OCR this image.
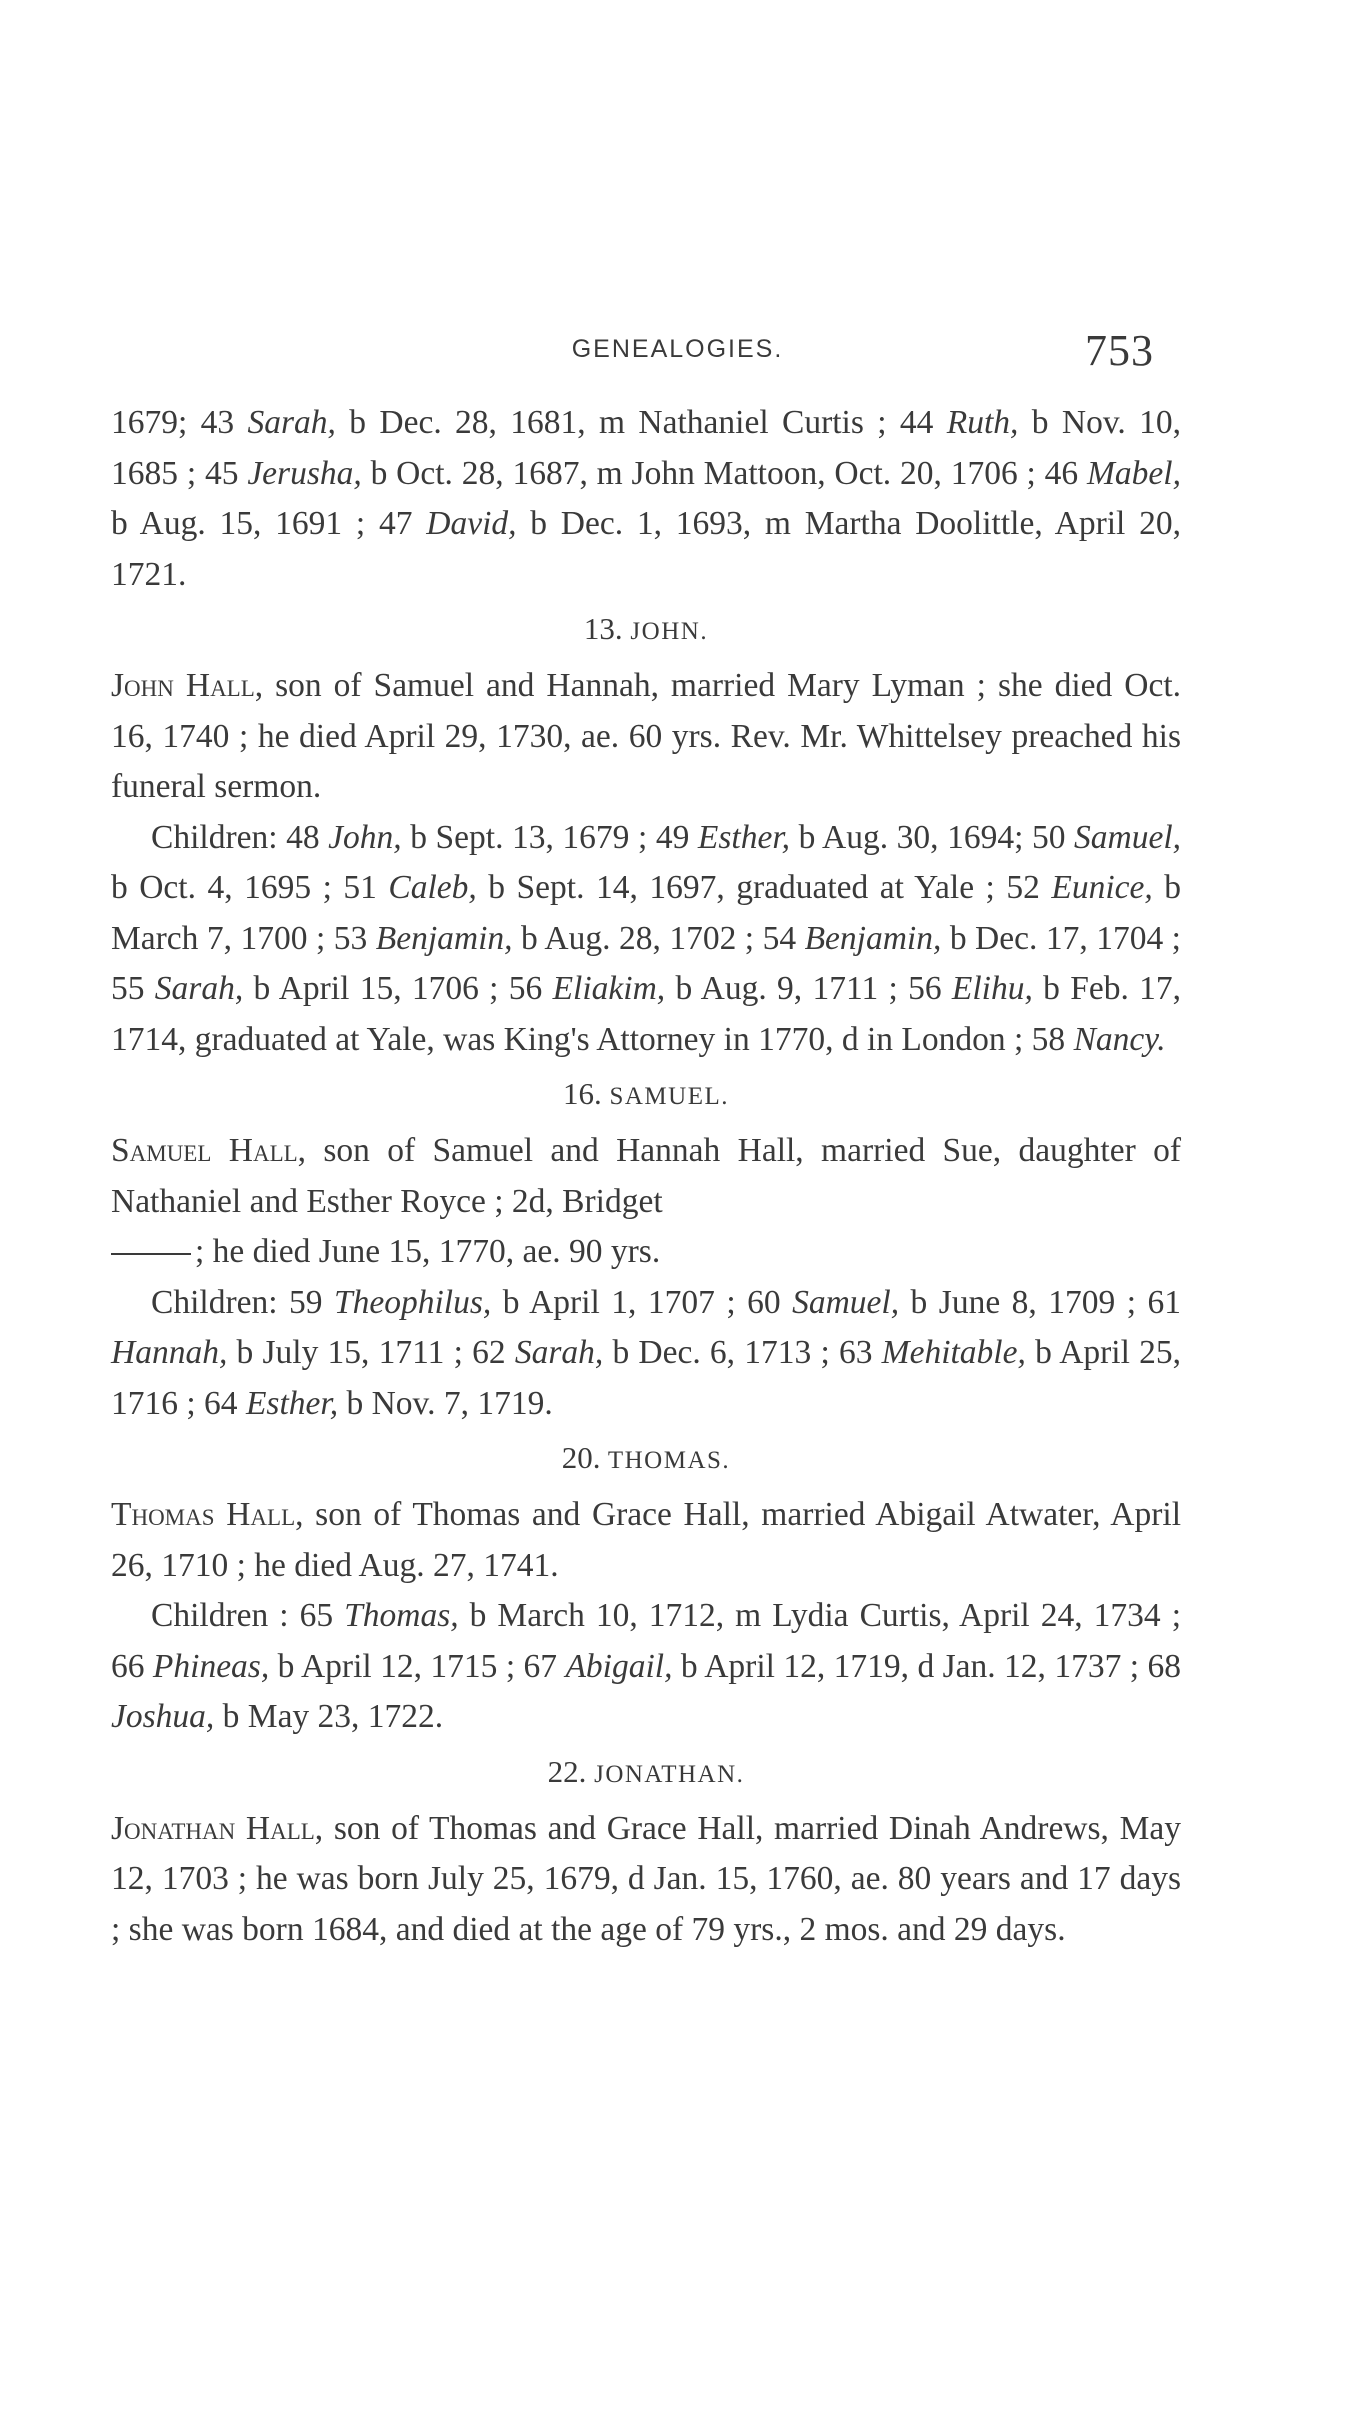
GENEALOGIES.	753

1679; 43 Sarah, b Dec. 28, 1681, m Nathaniel Curtis ; 44 Ruth, b Nov. 10, 1685 ; 45 Jerusha, b Oct. 28, 1687, m John Mattoon, Oct. 20, 1706 ; 46 Mabel, b Aug. 15, 1691 ; 47 David, b Dec. 1, 1693, m Martha Doolittle, April 20, 1721.

13. JOHN.

John Hall, son of Samuel and Hannah, married Mary Lyman ; she died Oct. 16, 1740 ; he died April 29, 1730, ae. 60 yrs. Rev. Mr. Whittelsey preached his funeral sermon.

Children: 48 John, b Sept. 13, 1679 ; 49 Esther, b Aug. 30, 1694; 50 Samuel, b Oct. 4, 1695 ; 51 Caleb, b Sept. 14, 1697, graduated at Yale ; 52 Eunice, b March 7, 1700 ; 53 Benjamin, b Aug. 28, 1702 ; 54 Benjamin, b Dec. 17, 1704 ; 55 Sarah, b April 15, 1706 ; 56 Eliakim, b Aug. 9, 1711 ; 56 Elihu, b Feb. 17, 1714, graduated at Yale, was King's Attorney in 1770, d in London ; 58 Nancy.

16. SAMUEL.

Samuel Hall, son of Samuel and Hannah Hall, married Sue, daughter of Nathaniel and Esther Royce ; 2d, Bridget
; he died June 15, 1770, ae. 90 yrs.

Children: 59 Theophilus, b April 1, 1707 ; 60 Samuel, b June 8, 1709 ; 61 Hannah, b July 15, 1711 ; 62 Sarah, b Dec. 6, 1713 ; 63 Mehitable, b April 25, 1716 ; 64 Esther, b Nov. 7, 1719.

20. THOMAS.

Thomas Hall, son of Thomas and Grace Hall, married Abigail Atwater, April 26, 1710 ; he died Aug. 27, 1741.

Children : 65 Thomas, b March 10, 1712, m Lydia Curtis, April 24, 1734 ; 66 Phineas, b April 12, 1715 ; 67 Abigail, b April 12, 1719, d Jan. 12, 1737 ; 68 Joshua, b May 23, 1722.

22. JONATHAN.

Jonathan Hall, son of Thomas and Grace Hall, married Dinah Andrews, May 12, 1703 ; he was born July 25, 1679, d Jan. 15, 1760, ae. 80 years and 17 days ; she was born 1684, and died at the age of 79 yrs., 2 mos. and 29 days.
